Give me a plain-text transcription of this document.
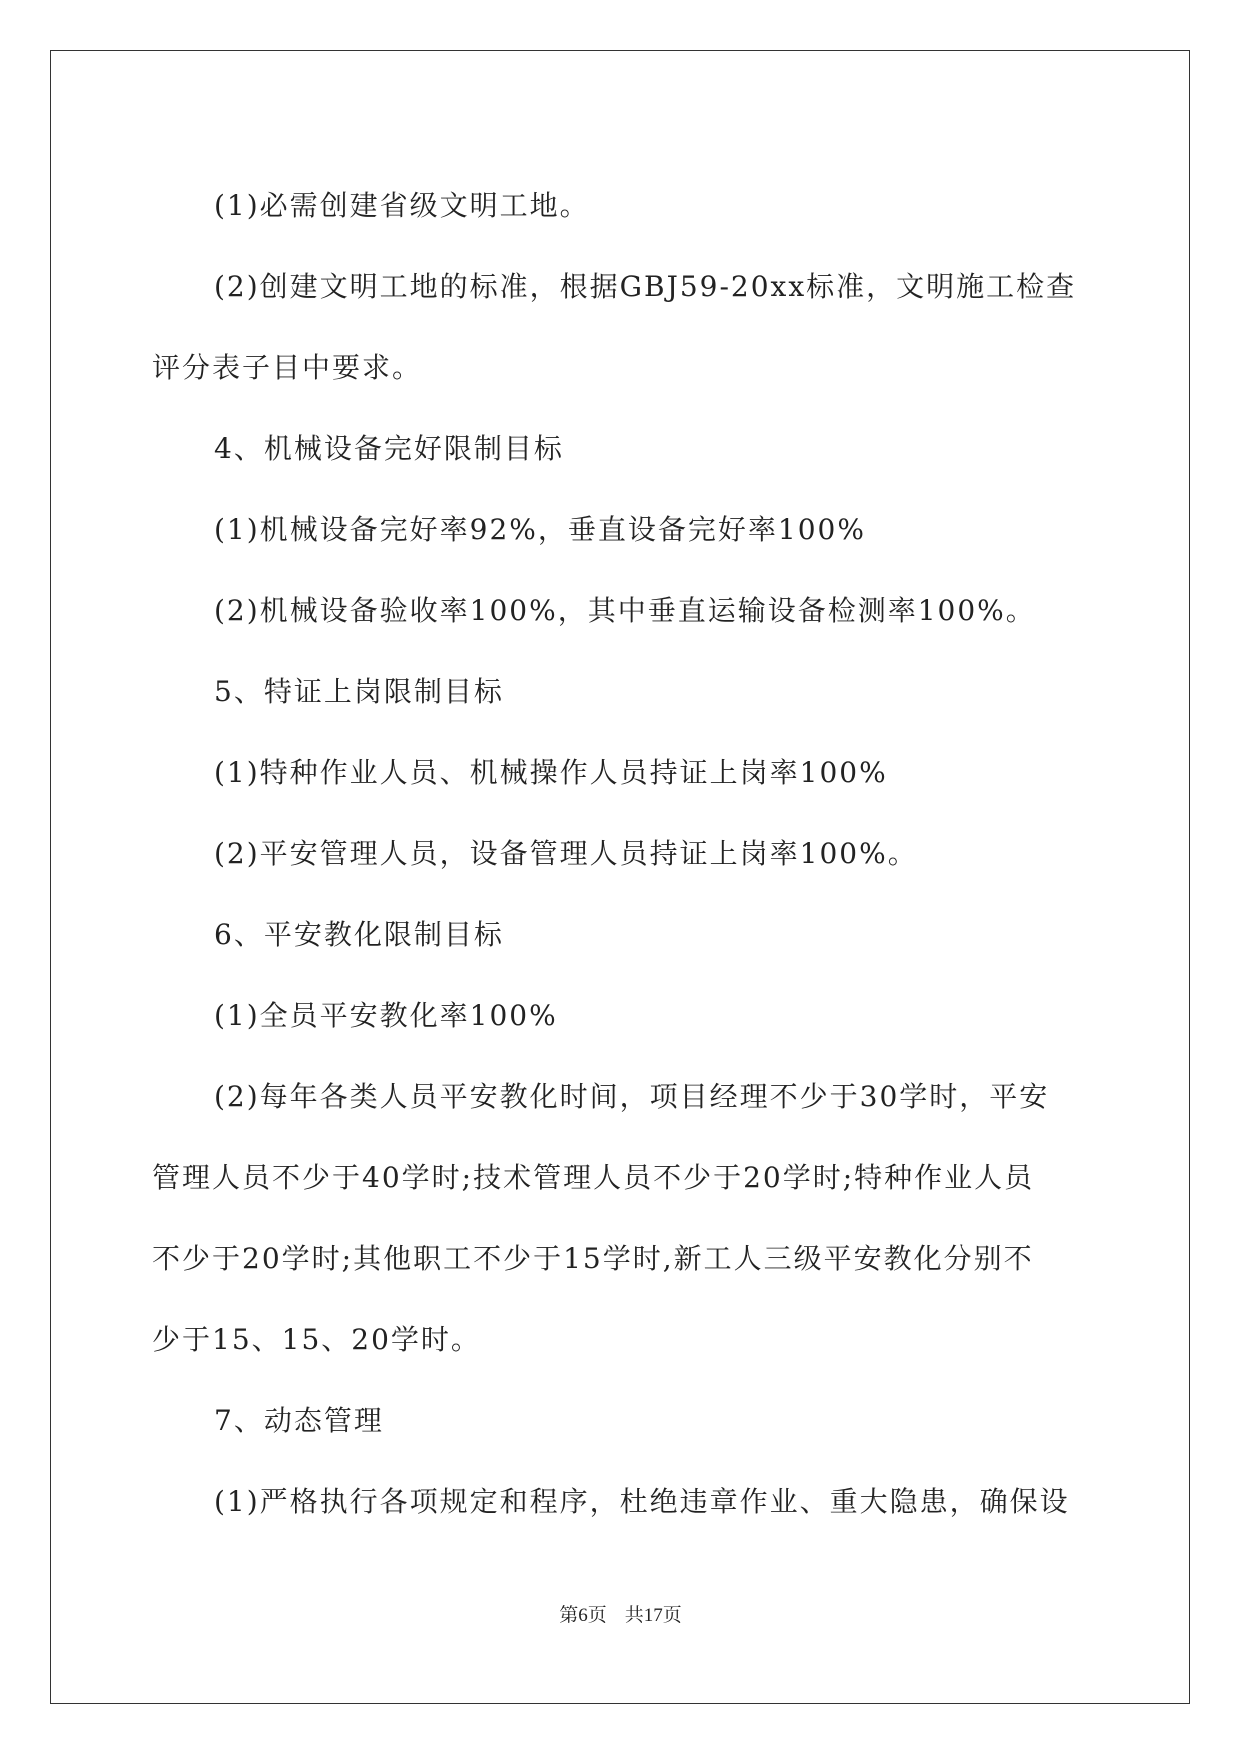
(1)必需创建省级文明工地。
(2)创建文明工地的标准，根据GBJ59-20xx标准，文明施工检查
评分表子目中要求。
4、机械设备完好限制目标
(1)机械设备完好率92%，垂直设备完好率100%
(2)机械设备验收率100%，其中垂直运输设备检测率100%。
5、特证上岗限制目标
(1)特种作业人员、机械操作人员持证上岗率100%
(2)平安管理人员，设备管理人员持证上岗率100%。
6、平安教化限制目标
(1)全员平安教化率100%
(2)每年各类人员平安教化时间，项目经理不少于30学时，平安
管理人员不少于40学时;技术管理人员不少于20学时;特种作业人员
不少于20学时;其他职工不少于15学时,新工人三级平安教化分别不
少于15、15、20学时。
7、动态管理
(1)严格执行各项规定和程序，杜绝违章作业、重大隐患，确保设
第6页 共17页
